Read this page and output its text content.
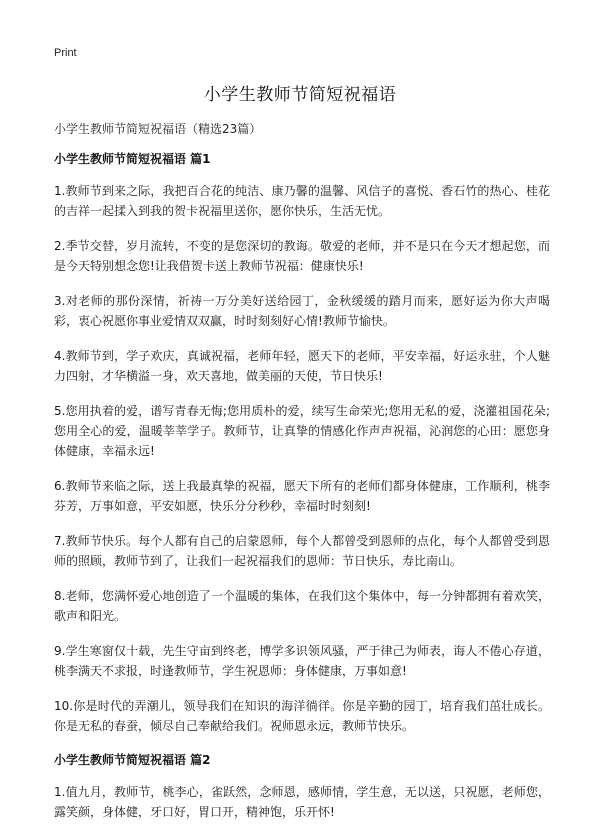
Print
小学生教师节简短祝福语

小学生教师节简短祝福语（精选23篇）

小学生教师节简短祝福语 篇1

1.教师节到来之际，我把百合花的纯洁、康乃馨的温馨、风信子的喜悦、香石竹的热心、桂花的吉祥一起揉入到我的贺卡祝福里送你，愿你快乐，生活无忧。

2.季节交替，岁月流转，不变的是您深切的教诲。敬爱的老师，并不是只在今天才想起您，而是今天特别想念您!让我借贺卡送上教师节祝福：健康快乐!

3.对老师的那份深情，祈祷一万分美好送给园丁，金秋缓缓的踏月而来，愿好运为你大声喝彩，衷心祝愿你事业爱情双双赢，时时刻刻好心情!教师节愉快。

4.教师节到，学子欢庆，真诚祝福，老师年轻，愿天下的老师，平安幸福，好运永驻，个人魅力四射，才华横溢一身，欢天喜地，做美丽的天使，节日快乐!

5.您用执着的爱，谱写青春无悔;您用质朴的爱，续写生命荣光;您用无私的爱，浇灌祖国花朵;您用全心的爱，温暖莘莘学子。教师节，让真挚的情感化作声声祝福，沁润您的心田：愿您身体健康，幸福永远!

6.教师节来临之际，送上我最真挚的祝福，愿天下所有的老师们都身体健康，工作顺利，桃李芬芳，万事如意，平安如愿，快乐分分秒秒，幸福时时刻刻!

7.教师节快乐。每个人都有自己的启蒙恩师，每个人都曾受到恩师的点化，每个人都曾受到恩师的照顾，教师节到了，让我们一起祝福我们的恩师：节日快乐，寿比南山。

8.老师，您满怀爱心地创造了一个温暖的集体，在我们这个集体中，每一分钟都拥有着欢笑，歌声和阳光。

9.学生寒窗仅十载，先生守亩到终老，博学多识领风骚，严于律己为师表，诲人不倦心存道，桃李满天不求报，时逢教师节，学生祝恩师：身体健康，万事如意!

10.你是时代的弄潮儿，领导我们在知识的海洋徜徉。你是辛勤的园丁，培育我们茁壮成长。你是无私的春蚕，倾尽自己奉献给我们。祝师恩永远，教师节快乐。

小学生教师节简短祝福语 篇2

1.值九月，教师节，桃李心，雀跃然，念师恩，感师情，学生意，无以送，只祝愿，老师您，露笑颜，身体健，牙口好，胃口开，精神饱，乐开怀!
